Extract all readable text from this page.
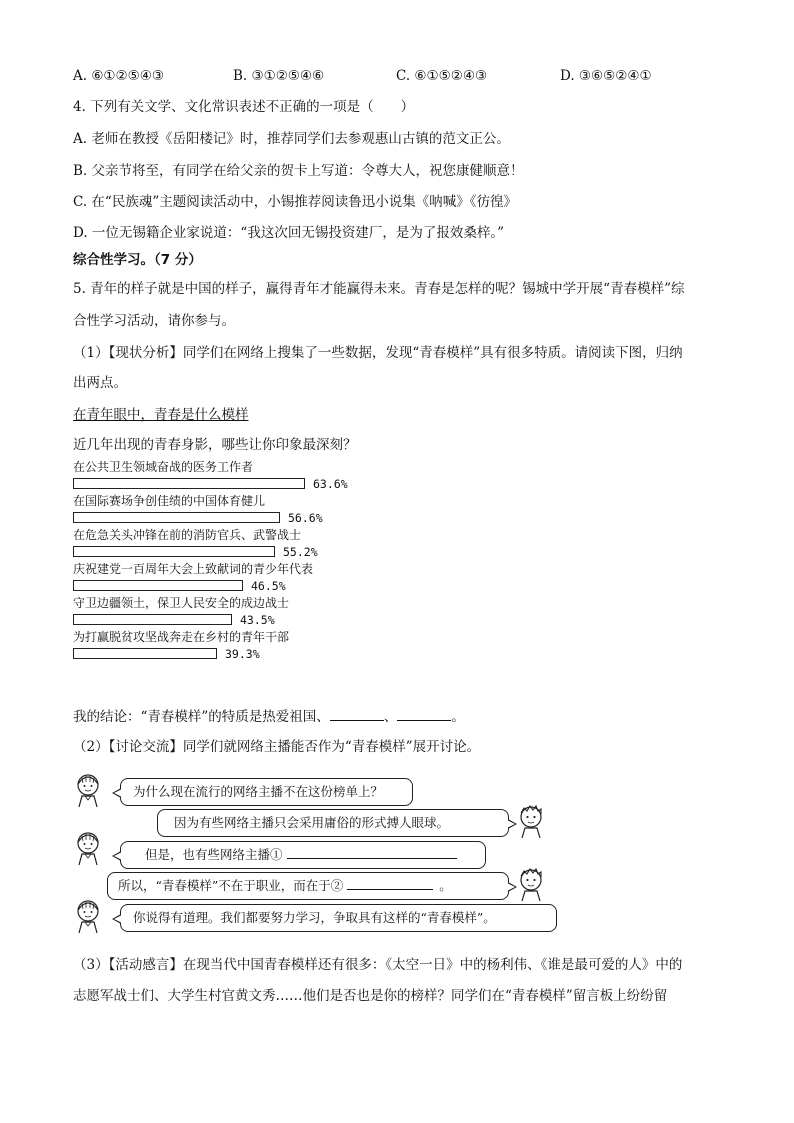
A. ⑥①②⑤④③	B. ③①②⑤④⑥	C. ⑥①⑤②④③	D. ③⑥⑤②④①
4. 下列有关文学、文化常识表述不正确的一项是（　　）
A. 老师在教授《岳阳楼记》时，推荐同学们去参观惠山古镇的范文正公。
B. 父亲节将至，有同学在给父亲的贺卡上写道：令尊大人，祝您康健顺意！
C. 在“民族魂”主题阅读活动中，小锡推荐阅读鲁迅小说集《呐喊》《彷徨》
D. 一位无锡籍企业家说道：“我这次回无锡投资建厂，是为了报效桑梓。”
综合性学习。（7 分）
5. 青年的样子就是中国的样子，赢得青年才能赢得未来。青春是怎样的呢？锡城中学开展“青春模样”综
合性学习活动，请你参与。
（1）【现状分析】同学们在网络上搜集了一些数据，发现“青春模样”具有很多特质。请阅读下图，归纳
出两点。
在青年眼中，青春是什么模样
近几年出现的青春身影，哪些让你印象最深刻？
在公共卫生领域奋战的医务工作者
63.6%
在国际赛场争创佳绩的中国体育健儿
56.6%
在危急关头冲锋在前的消防官兵、武警战士
55.2%
庆祝建党一百周年大会上致献词的青少年代表
46.5%
守卫边疆领土，保卫人民安全的成边战士
43.5%
为打赢脱贫攻坚战奔走在乡村的青年干部
39.3%
我的结论：“青春模样”的特质是热爱祖国、	、	。
（2）【讨论交流】同学们就网络主播能否作为“青春模样”展开讨论。
为什么现在流行的网络主播不在这份榜单上？
因为有些网络主播只会采用庸俗的形式搏人眼球。
但是，也有些网络主播①
所以，“青春模样”不在于职业，而在于②	。
你说得有道理。我们都要努力学习，争取具有这样的“青春模样”。
（3）【活动感言】在现当代中国青春模样还有很多：《太空一日》中的杨利伟、《谁是最可爱的人》中的
志愿军战士们、大学生村官黄文秀……他们是否也是你的榜样？同学们在“青春模样”留言板上纷纷留
